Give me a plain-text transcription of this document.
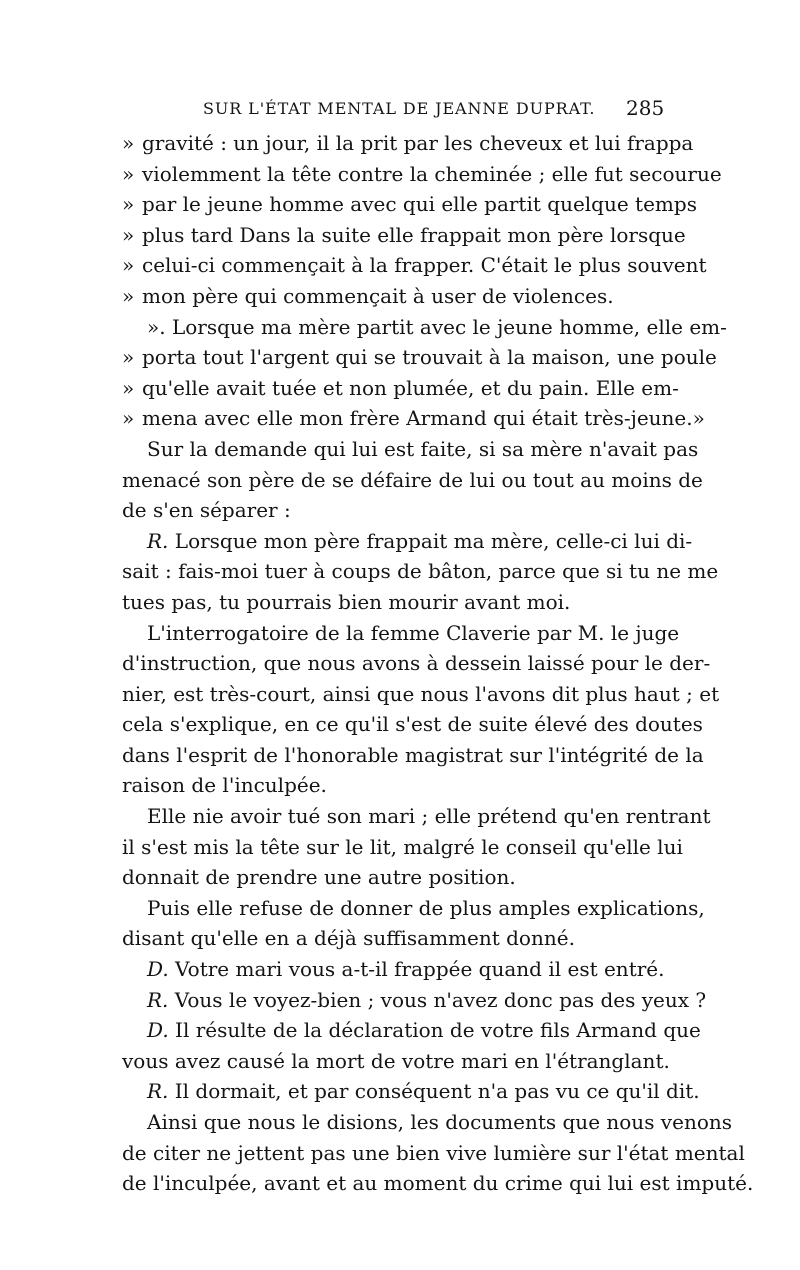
SUR L'ÉTAT MENTAL DE JEANNE DUPRAT. 285
» gravité : un jour, il la prit par les cheveux et lui frappa
» violemment la tête contre la cheminée ; elle fut secourue
» par le jeune homme avec qui elle partit quelque temps
» plus tard Dans la suite elle frappait mon père lorsque
» celui-ci commençait à la frapper. C'était le plus souvent
» mon père qui commençait à user de violences.
». Lorsque ma mère partit avec le jeune homme, elle em-
» porta tout l'argent qui se trouvait à la maison, une poule
» qu'elle avait tuée et non plumée, et du pain. Elle em-
» mena avec elle mon frère Armand qui était très-jeune.»
Sur la demande qui lui est faite, si sa mère n'avait pas
menacé son père de se défaire de lui ou tout au moins de
de s'en séparer :
R. Lorsque mon père frappait ma mère, celle-ci lui di-
sait : fais-moi tuer à coups de bâton, parce que si tu ne me
tues pas, tu pourrais bien mourir avant moi.
L'interrogatoire de la femme Claverie par M. le juge
d'instruction, que nous avons à dessein laissé pour le der-
nier, est très-court, ainsi que nous l'avons dit plus haut ; et
cela s'explique, en ce qu'il s'est de suite élevé des doutes
dans l'esprit de l'honorable magistrat sur l'intégrité de la
raison de l'inculpée.
Elle nie avoir tué son mari ; elle prétend qu'en rentrant
il s'est mis la tête sur le lit, malgré le conseil qu'elle lui
donnait de prendre une autre position.
Puis elle refuse de donner de plus amples explications,
disant qu'elle en a déjà suffisamment donné.
D. Votre mari vous a-t-il frappée quand il est entré.
R. Vous le voyez-bien ; vous n'avez donc pas des yeux ?
D. Il résulte de la déclaration de votre fils Armand que
vous avez causé la mort de votre mari en l'étranglant.
R. Il dormait, et par conséquent n'a pas vu ce qu'il dit.
Ainsi que nous le disions, les documents que nous venons
de citer ne jettent pas une bien vive lumière sur l'état mental
de l'inculpée, avant et au moment du crime qui lui est imputé.
